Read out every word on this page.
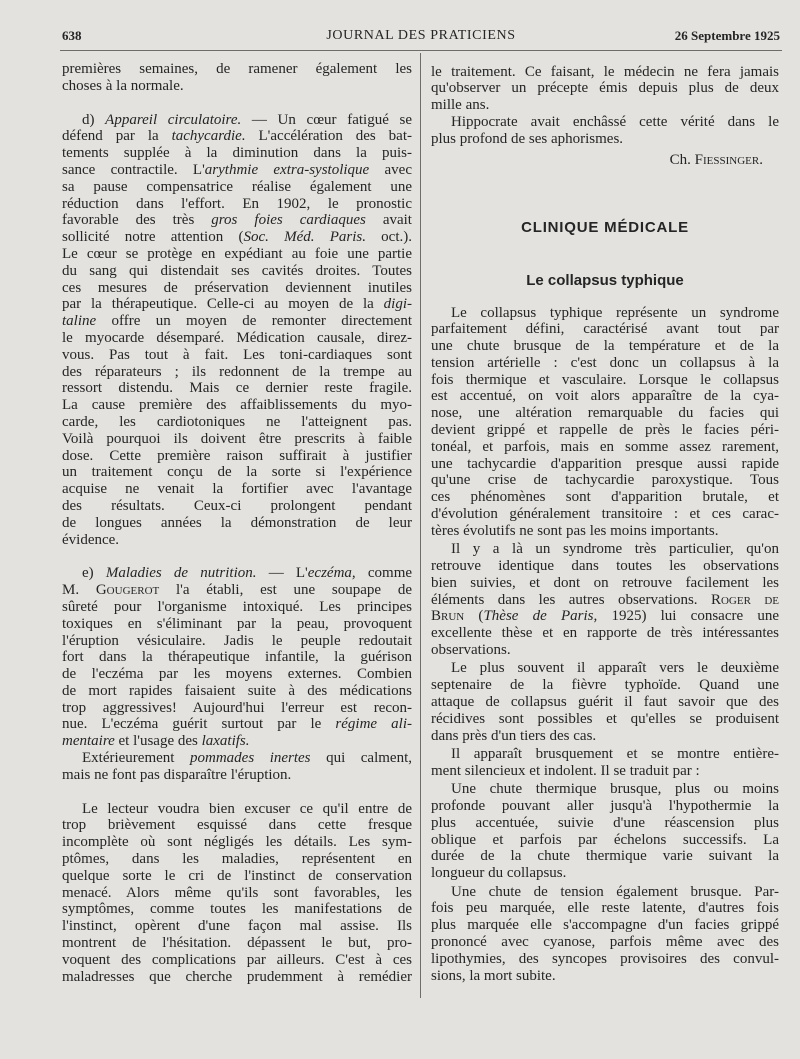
638	JOURNAL DES PRATICIENS	26 Septembre 1925
premières semaines, de ramener également les
choses à la normale.
d) Appareil circulatoire. — Un cœur fatigué se
défend par la tachycardie. L'accélération des bat-
tements supplée à la diminution dans la puis-
sance contractile. L'arythmie extra-systolique avec
sa pause compensatrice réalise également une
réduction dans l'effort. En 1902, le pronostic
favorable des très gros foies cardiaques avait
sollicité notre attention (Soc. Méd. Paris. oct.).
Le cœur se protège en expédiant au foie une partie
du sang qui distendait ses cavités droites. Toutes
ces mesures de préservation deviennent inutiles
par la thérapeutique. Celle-ci au moyen de la digi-
taline offre un moyen de remonter directement
le myocarde désemparé. Médication causale, direz-
vous. Pas tout à fait. Les toni-cardiaques sont
des réparateurs ; ils redonnent de la trempe au
ressort distendu. Mais ce dernier reste fragile.
La cause première des affaiblissements du myo-
carde, les cardiotoniques ne l'atteignent pas.
Voilà pourquoi ils doivent être prescrits à faible
dose. Cette première raison suffirait à justifier
un traitement conçu de la sorte si l'expérience
acquise ne venait la fortifier avec l'avantage
des résultats. Ceux-ci prolongent pendant
de longues années la démonstration de leur
évidence.
e) Maladies de nutrition. — L'eczéma, comme
M. Gougerot l'a établi, est une soupape de
sûreté pour l'organisme intoxiqué. Les principes
toxiques en s'éliminant par la peau, provoquent
l'éruption vésiculaire. Jadis le peuple redoutait
fort dans la thérapeutique infantile, la guérison
de l'eczéma par les moyens externes. Combien
de mort rapides faisaient suite à des médications
trop aggressives! Aujourd'hui l'erreur est recon-
nue. L'eczéma guérit surtout par le régime ali-
mentaire et l'usage des laxatifs.
Extérieurement pommades inertes qui calment,
mais ne font pas disparaître l'éruption.
Le lecteur voudra bien excuser ce qu'il entre de
trop brièvement esquissé dans cette fresque
incomplète où sont négligés les détails. Les sym-
ptômes, dans les maladies, représentent en
quelque sorte le cri de l'instinct de conservation
menacé. Alors même qu'ils sont favorables, les
symptômes, comme toutes les manifestations de
l'instinct, opèrent d'une façon mal assise. Ils
montrent de l'hésitation. dépassent le but, pro-
voquent des complications par ailleurs. C'est à ces
maladresses que cherche prudemment à remédier
le traitement. Ce faisant, le médecin ne fera jamais
qu'observer un précepte émis depuis plus de deux
mille ans.
Hippocrate avait enchâssé cette vérité dans le
plus profond de ses aphorismes.
Ch. Fiessinger.
CLINIQUE MÉDICALE
Le collapsus typhique
Le collapsus typhique représente un syndrome
parfaitement défini, caractérisé avant tout par
une chute brusque de la température et de la
tension artérielle : c'est donc un collapsus à la
fois thermique et vasculaire. Lorsque le collapsus
est accentué, on voit alors apparaître de la cya-
nose, une altération remarquable du facies qui
devient grippé et rappelle de près le facies péri-
tonéal, et parfois, mais en somme assez rarement,
une tachycardie d'apparition presque aussi rapide
qu'une crise de tachycardie paroxystique. Tous
ces phénomènes sont d'apparition brutale, et
d'évolution généralement transitoire : et ces carac-
tères évolutifs ne sont pas les moins importants.
Il y a là un syndrome très particulier, qu'on
retrouve identique dans toutes les observations
bien suivies, et dont on retrouve facilement les
éléments dans les autres observations. Roger de
Brun (Thèse de Paris, 1925) lui consacre une
excellente thèse et en rapporte de très intéressantes
observations.
Le plus souvent il apparaît vers le deuxième
septenaire de la fièvre typhoïde. Quand une
attaque de collapsus guérit il faut savoir que des
récidives sont possibles et qu'elles se produisent
dans près d'un tiers des cas.
Il apparaît brusquement et se montre entière-
ment silencieux et indolent. Il se traduit par :
Une chute thermique brusque, plus ou moins
profonde pouvant aller jusqu'à l'hypothermie la
plus accentuée, suivie d'une réascension plus
oblique et parfois par échelons successifs. La
durée de la chute thermique varie suivant la
longueur du collapsus.
Une chute de tension également brusque. Par-
fois peu marquée, elle reste latente, d'autres fois
plus marquée elle s'accompagne d'un facies grippé
prononcé avec cyanose, parfois même avec des
lipothymies, des syncopes provisoires des convul-
sions, la mort subite.
